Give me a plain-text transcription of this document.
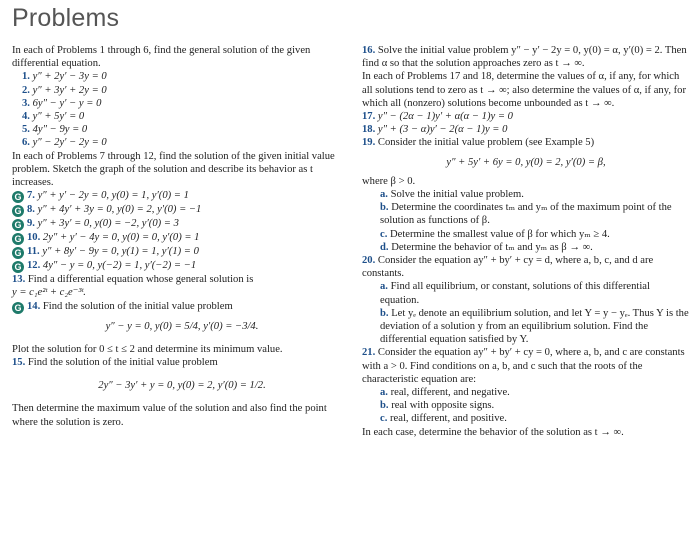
Problems

In each of Problems 1 through 6, find the general solution of the given differential equation.

1. y″ + 2y′ − 3y = 0
2. y″ + 3y′ + 2y = 0
3. 6y″ − y′ − y = 0
4. y″ + 5y′ = 0
5. 4y″ − 9y = 0
6. y″ − 2y′ − 2y = 0

In each of Problems 7 through 12, find the solution of the given initial value problem. Sketch the graph of the solution and describe its behavior as t increases.

G 7. y″ + y′ − 2y = 0, y(0) = 1, y′(0) = 1
G 8. y″ + 4y′ + 3y = 0, y(0) = 2, y′(0) = −1
G 9. y″ + 3y′ = 0, y(0) = −2, y′(0) = 3
G 10. 2y″ + y′ − 4y = 0, y(0) = 0, y′(0) = 1
G 11. y″ + 8y′ − 9y = 0, y(1) = 1, y′(1) = 0
G 12. 4y″ − y = 0, y(−2) = 1, y′(−2) = −1
13. Find a differential equation whose general solution is
y = c₁e²ᵗ + c₂e⁻³ᵗ.
G 14. Find the solution of the initial value problem
y″ − y = 0, y(0) = 5/4, y′(0) = −3/4.

Plot the solution for 0 ≤ t ≤ 2 and determine its minimum value.

15. Find the solution of the initial value problem
2y″ − 3y′ + y = 0, y(0) = 2, y′(0) = 1/2.

Then determine the maximum value of the solution and also find the point where the solution is zero.

16. Solve the initial value problem y″ − y′ − 2y = 0, y(0) = α, y′(0) = 2. Then find α so that the solution approaches zero as t → ∞.

In each of Problems 17 and 18, determine the values of α, if any, for which all solutions tend to zero as t → ∞; also determine the values of α, if any, for which all (nonzero) solutions become unbounded as t → ∞.

17. y″ − (2α − 1)y′ + α(α − 1)y = 0
18. y″ + (3 − α)y′ − 2(α − 1)y = 0
19. Consider the initial value problem (see Example 5)
y″ + 5y′ + 6y = 0, y(0) = 2, y′(0) = β,
where β > 0.

a. Solve the initial value problem.

b. Determine the coordinates tₘ and yₘ of the maximum point of the solution as functions of β.

c. Determine the smallest value of β for which yₘ ≥ 4.

d. Determine the behavior of tₘ and yₘ as β → ∞.

20. Consider the equation ay″ + by′ + cy = d, where a, b, c, and d are constants.

a. Find all equilibrium, or constant, solutions of this differential equation.

b. Let yₑ denote an equilibrium solution, and let Y = y − yₑ. Thus Y is the deviation of a solution y from an equilibrium solution. Find the differential equation satisfied by Y.

21. Consider the equation ay″ + by′ + cy = 0, where a, b, and c are constants with a > 0. Find conditions on a, b, and c such that the roots of the characteristic equation are:

a. real, different, and negative.

b. real with opposite signs.

c. real, different, and positive.

In each case, determine the behavior of the solution as t → ∞.
